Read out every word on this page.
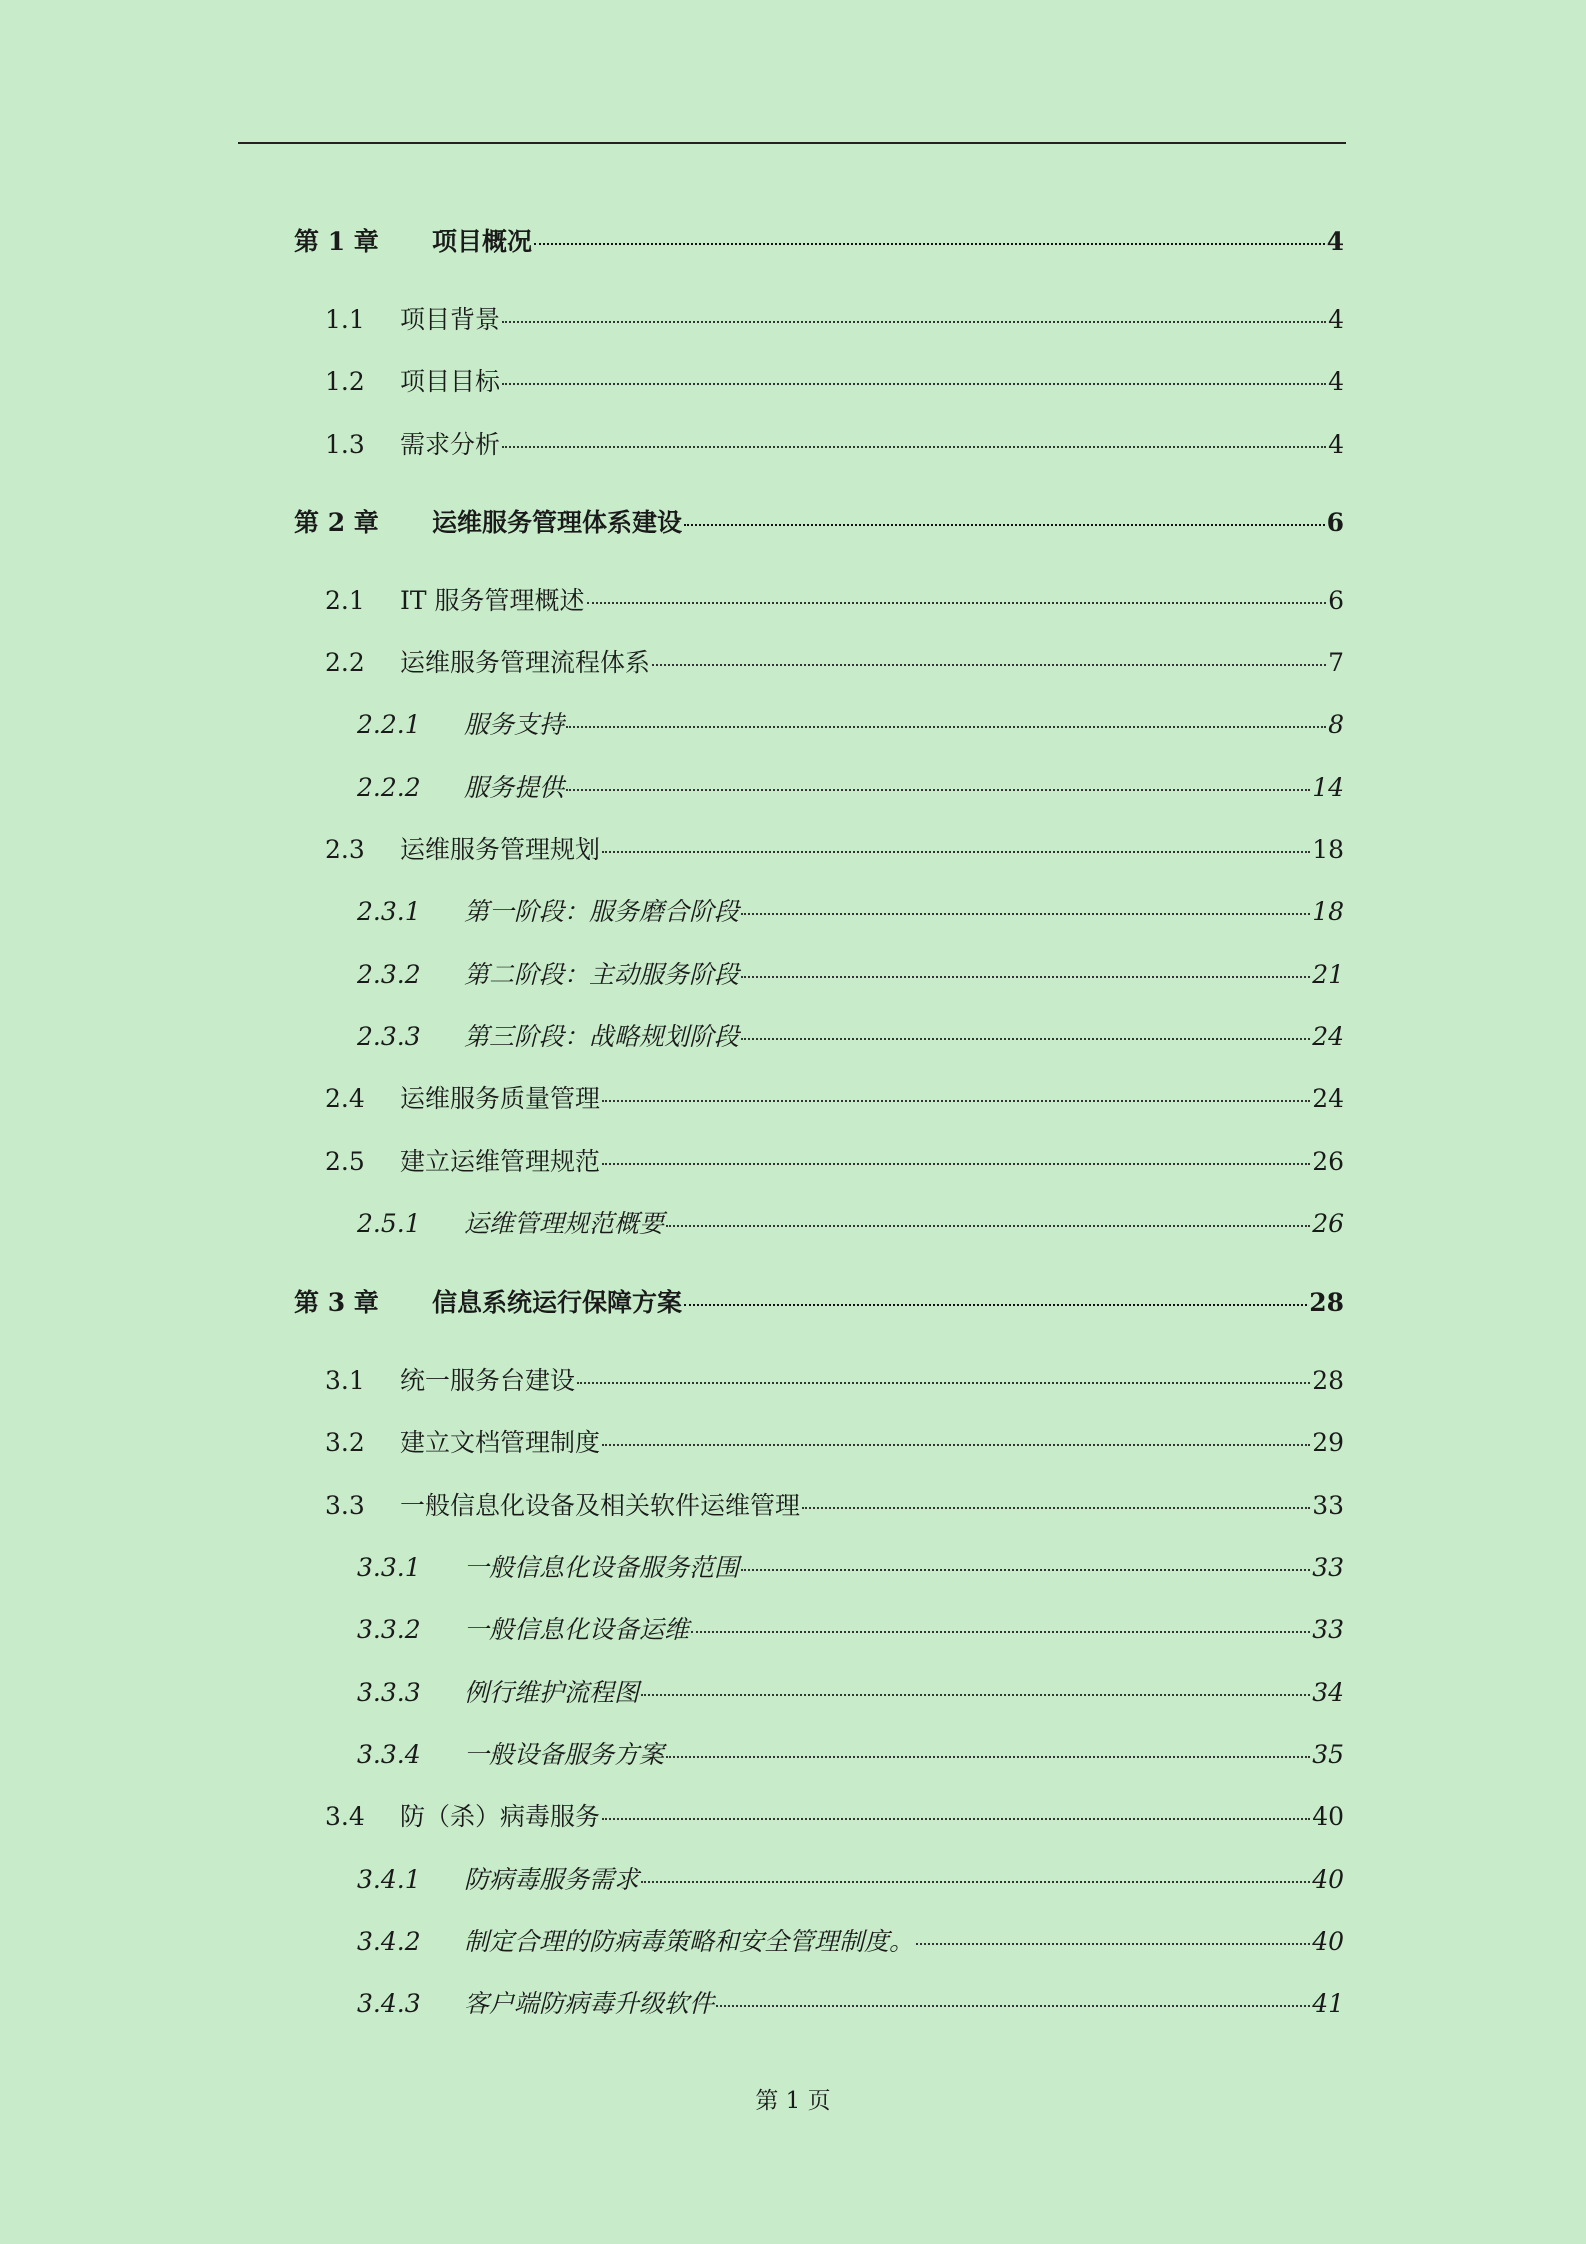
第 1 章	项目概况	4
1.1	项目背景	4
1.2	项目目标	4
1.3	需求分析	4
第 2 章	运维服务管理体系建设	6
2.1	IT 服务管理概述	6
2.2	运维服务管理流程体系	7
2.2.1	服务支持	8
2.2.2	服务提供	14
2.3	运维服务管理规划	18
2.3.1	第一阶段：服务磨合阶段	18
2.3.2	第二阶段：主动服务阶段	21
2.3.3	第三阶段：战略规划阶段	24
2.4	运维服务质量管理	24
2.5	建立运维管理规范	26
2.5.1	运维管理规范概要	26
第 3 章	信息系统运行保障方案	28
3.1	统一服务台建设	28
3.2	建立文档管理制度	29
3.3	一般信息化设备及相关软件运维管理	33
3.3.1	一般信息化设备服务范围	33
3.3.2	一般信息化设备运维	33
3.3.3	例行维护流程图	34
3.3.4	一般设备服务方案	35
3.4	防（杀）病毒服务	40
3.4.1	防病毒服务需求	40
3.4.2	制定合理的防病毒策略和安全管理制度。	40
3.4.3	客户端防病毒升级软件	41
第 1 页
